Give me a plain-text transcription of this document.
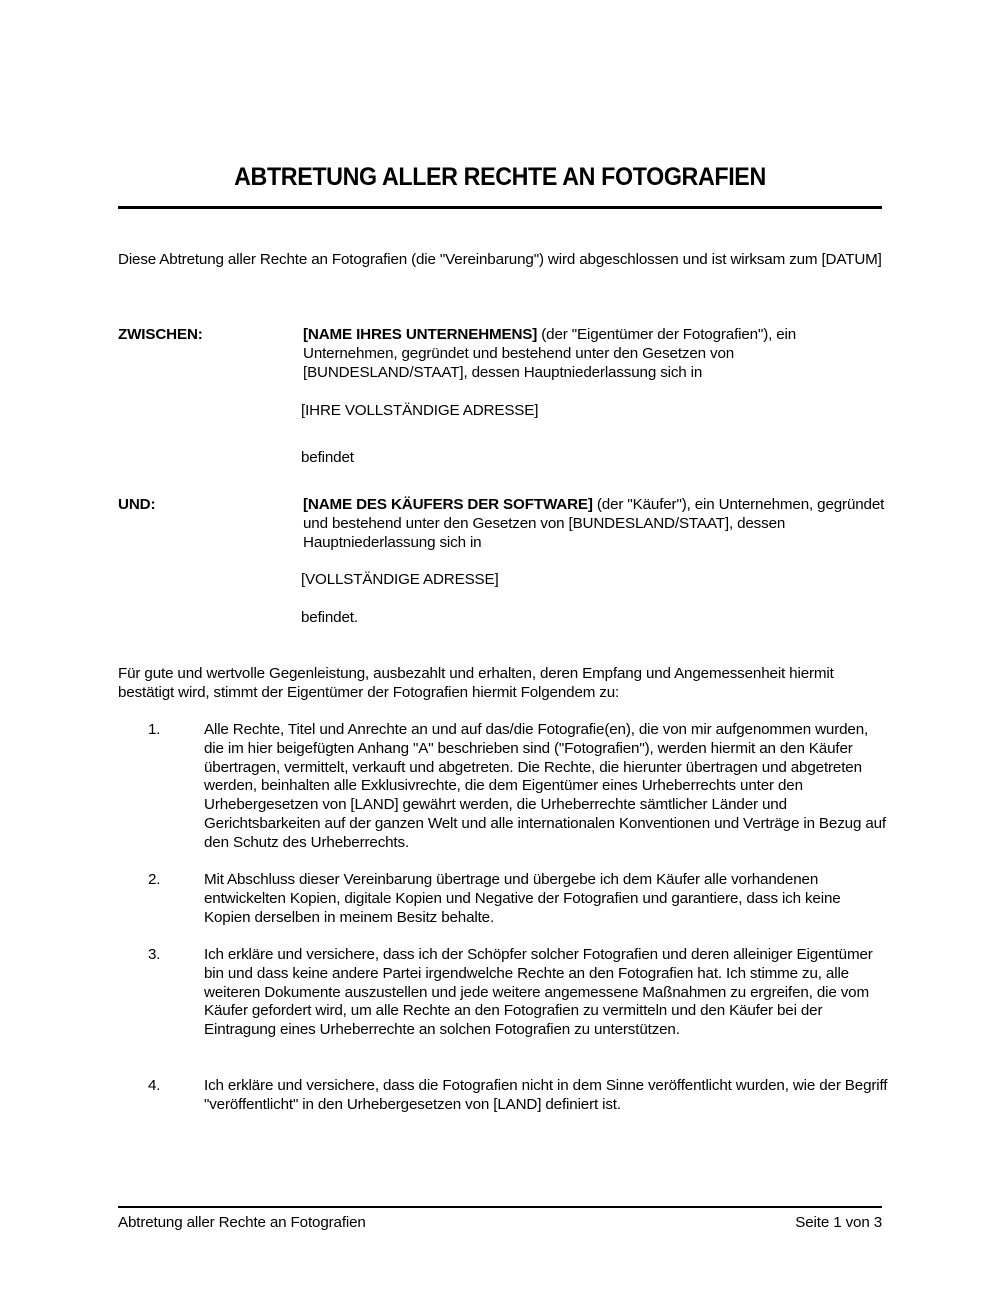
ABTRETUNG ALLER RECHTE AN FOTOGRAFIEN
Diese Abtretung aller Rechte an Fotografien (die "Vereinbarung") wird abgeschlossen und ist wirksam zum [DATUM]
ZWISCHEN:	[NAME IHRES UNTERNEHMENS] (der "Eigentümer der Fotografien"), ein Unternehmen, gegründet und bestehend unter den Gesetzen von [BUNDESLAND/STAAT], dessen Hauptniederlassung sich in
[IHRE VOLLSTÄNDIGE ADRESSE]
befindet
UND:	[NAME DES KÄUFERS DER SOFTWARE] (der "Käufer"), ein Unternehmen, gegründet und bestehend unter den Gesetzen von [BUNDESLAND/STAAT], dessen Hauptniederlassung sich in
[VOLLSTÄNDIGE ADRESSE]
befindet.
Für gute und wertvolle Gegenleistung, ausbezahlt und erhalten, deren Empfang und Angemessenheit hiermit bestätigt wird, stimmt der Eigentümer der Fotografien hiermit Folgendem zu:
1.	Alle Rechte, Titel und Anrechte an und auf das/die Fotografie(en), die von mir aufgenommen wurden, die im hier beigefügten Anhang "A" beschrieben sind ("Fotografien"), werden hiermit an den Käufer übertragen, vermittelt, verkauft und abgetreten. Die Rechte, die hierunter übertragen und abgetreten werden, beinhalten alle Exklusivrechte, die dem Eigentümer eines Urheberrechts unter den Urhebergesetzen von [LAND] gewährt werden, die Urheberrechte sämtlicher Länder und Gerichtsbarkeiten auf der ganzen Welt und alle internationalen Konventionen und Verträge in Bezug auf den Schutz des Urheberrechts.
2.	Mit Abschluss dieser Vereinbarung übertrage und übergebe ich dem Käufer alle vorhandenen entwickelten Kopien, digitale Kopien und Negative der Fotografien und garantiere, dass ich keine Kopien derselben in meinem Besitz behalte.
3.	Ich erkläre und versichere, dass ich der Schöpfer solcher Fotografien und deren alleiniger Eigentümer bin und dass keine andere Partei irgendwelche Rechte an den Fotografien hat. Ich stimme zu, alle weiteren Dokumente auszustellen und jede weitere angemessene Maßnahmen zu ergreifen, die vom Käufer gefordert wird, um alle Rechte an den Fotografien zu vermitteln und den Käufer bei der Eintragung eines Urheberrechte an solchen Fotografien zu unterstützen.
4.	Ich erkläre und versichere, dass die Fotografien nicht in dem Sinne veröffentlicht wurden, wie der Begriff "veröffentlicht" in den Urhebergesetzen von [LAND] definiert ist.
Abtretung aller Rechte an Fotografien	Seite 1 von 3
